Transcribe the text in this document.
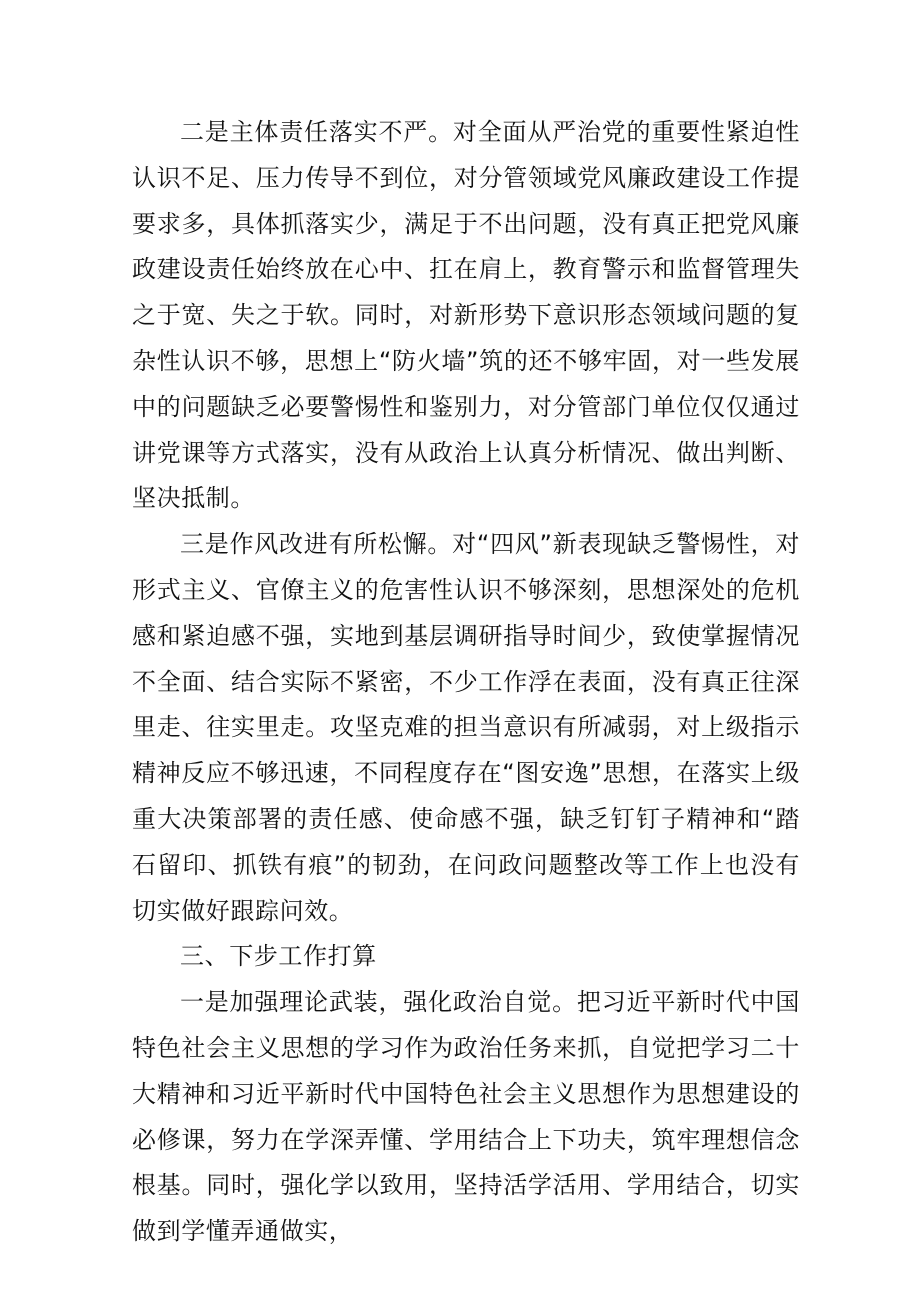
二是主体责任落实不严。对全面从严治党的重要性紧迫性认识不足、压力传导不到位，对分管领域党风廉政建设工作提要求多，具体抓落实少，满足于不出问题，没有真正把党风廉政建设责任始终放在心中、扛在肩上，教育警示和监督管理失之于宽、失之于软。同时，对新形势下意识形态领域问题的复杂性认识不够，思想上“防火墙”筑的还不够牢固，对一些发展中的问题缺乏必要警惕性和鉴别力，对分管部门单位仅仅通过讲党课等方式落实，没有从政治上认真分析情况、做出判断、坚决抵制。

三是作风改进有所松懈。对“四风”新表现缺乏警惕性，对形式主义、官僚主义的危害性认识不够深刻，思想深处的危机感和紧迫感不强，实地到基层调研指导时间少，致使掌握情况不全面、结合实际不紧密，不少工作浮在表面，没有真正往深里走、往实里走。攻坚克难的担当意识有所减弱，对上级指示精神反应不够迅速，不同程度存在“图安逸”思想，在落实上级重大决策部署的责任感、使命感不强，缺乏钉钉子精神和“踏石留印、抓铁有痕”的韧劲，在问政问题整改等工作上也没有切实做好跟踪问效。

三、下步工作打算

一是加强理论武装，强化政治自觉。把习近平新时代中国特色社会主义思想的学习作为政治任务来抓，自觉把学习二十大精神和习近平新时代中国特色社会主义思想作为思想建设的必修课，努力在学深弄懂、学用结合上下功夫，筑牢理想信念根基。同时，强化学以致用，坚持活学活用、学用结合，切实做到学懂弄通做实，
